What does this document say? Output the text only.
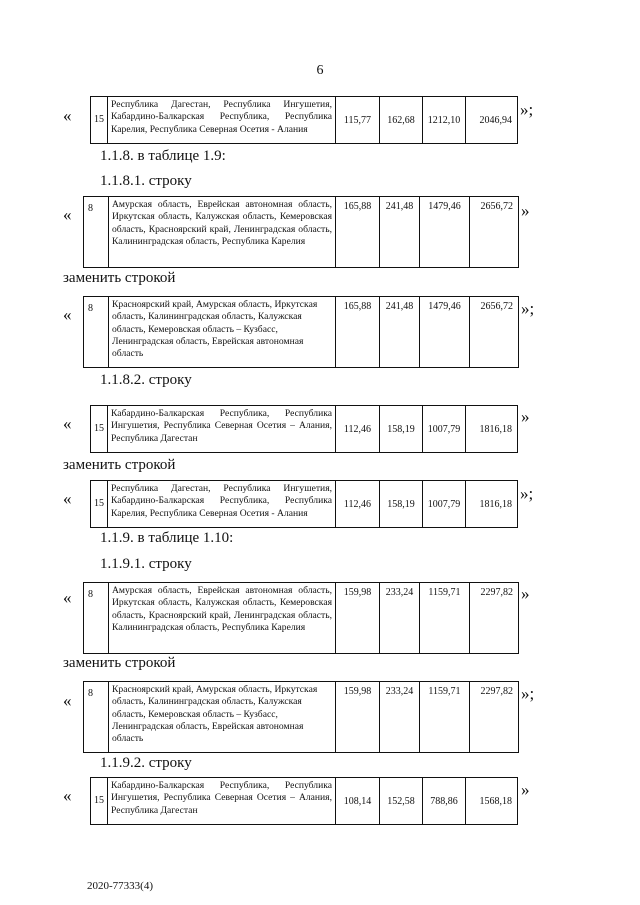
6
« 15	Республика Дагестан, Республика Ингушетия, Кабардино-Балкарская Республика, Республика Карелия, Республика Северная Осетия - Алания	115,77	162,68	1212,10	2046,94
»;
1.1.8. в таблице 1.9:
1.1.8.1. строку
« 8	Амурская область, Еврейская автономная область, Иркутская область, Калужская область, Кемеровская область, Красноярский край, Ленинградская область, Калининградская область, Республика Карелия	165,88	241,48	1479,46	2656,72 »
заменить строкой
« 8	Красноярский край, Амурская область, Иркутская область, Калининградская область, Калужская область, Кемеровская область – Кузбасс, Ленинградская область, Еврейская автономная область	165,88	241,48	1479,46	2656,72 »;
1.1.8.2. строку
« 15	Кабардино-Балкарская Республика, Республика Ингушетия, Республика Северная Осетия – Алания, Республика Дагестан	112,46	158,19	1007,79	1816,18
»
заменить строкой
« 15	Республика Дагестан, Республика Ингушетия, Кабардино-Балкарская Республика, Республика Карелия, Республика Северная Осетия - Алания	112,46	158,19	1007,79	1816,18
»;
1.1.9. в таблице 1.10:
1.1.9.1. строку
« 8	Амурская область, Еврейская автономная область, Иркутская область, Калужская область, Кемеровская область, Красноярский край, Ленинградская область, Калининградская область, Республика Карелия	159,98	233,24	1159,71	2297,82 »
заменить строкой
« 8	Красноярский край, Амурская область, Иркутская область, Калининградская область, Калужская область, Кемеровская область – Кузбасс, Ленинградская область, Еврейская автономная область	159,98	233,24	1159,71	2297,82 »;
1.1.9.2. строку
« 15	Кабардино-Балкарская Республика, Республика Ингушетия, Республика Северная Осетия – Алания, Республика Дагестан	108,14	152,58	788,86	1568,18
»
2020-77333(4)
